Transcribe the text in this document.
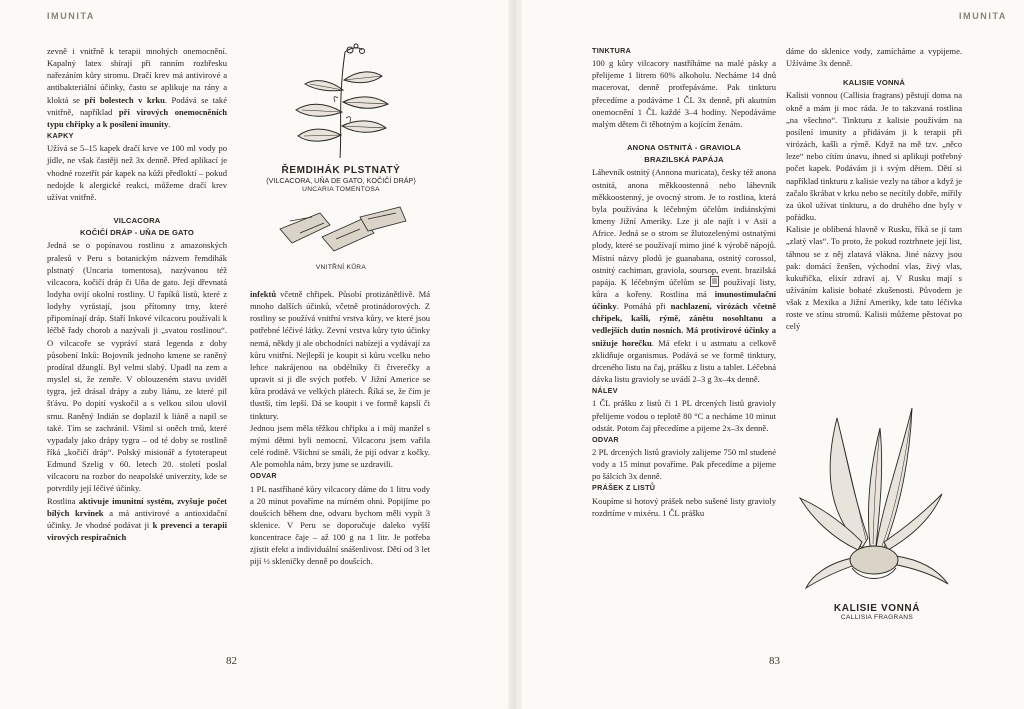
IMUNITA

zevně i vnitřně k terapii mnohých onemocnění. Kapalný latex sbírají při ranním rozbřesku nařezáním kůry stromu. Dračí krev má antivirové a antibakteriální účinky, často se aplikuje na rány a kloktá se při bolestech v krku. Podává se také vnitřně, například při virových onemocněních typu chřipky a k posílení imunity.

KAPKY

Užívá se 5–15 kapek dračí krve ve 100 ml vody po jídle, ne však častěji než 3x denně. Před aplikací je vhodné rozetřít pár kapek na kůži předloktí – pokud nedojde k alergické reakci, můžeme dračí krev užívat vnitřně.

VILCACORA

KOČIČÍ DRÁP - UŇA DE GATO

Jedná se o popínavou rostlinu z amazonských pralesů v Peru s botanickým názvem řemdihák plstnatý (Uncaria tomentosa), nazývanou též vilcacora, kočičí dráp či Uňa de gato. Její dřevnatá lodyha ovijí okolní rostliny. U řapíků listů, které z lodyhy vyrůstají, jsou přítomny trny, které připomínají dráp. Staří Inkové vilcacoru používali k léčbě řady chorob a nazývali ji „svatou rostlinou“. O vilcacoře se vypráví stará legenda z doby působení Inků: Bojovník jednoho kmene se raněný prodíral džunglí. Byl velmi slabý. Upadl na zem a myslel si, že zemře. V oblouzeném stavu uviděl tygra, jež drásal drápy a zuby liánu, ze které pil šťávu. Po dopití vyskočil a s velkou silou uloviI srnu. Raněný Indián se doplazil k liáně a napil se také. Tím se zachránil. Všiml si oněch trnů, které vypadaly jako drápy tygra – od té doby se rostlině říká „kočičí dráp“. Polský misionář a fytoterapeut Edmund Szelig v 60. letech 20. století poslal vilcacoru na rozbor do neapolské univerzity, kde se potvrdily její léčivé účinky.

Rostlina aktivuje imunitní systém, zvyšuje počet bílých krvinek a má antivirové a antioxidační účinky. Je vhodné podávat ji k prevenci a terapii virových respiračních

ŘEMDIHÁK PLSTNATÝ

(VILCACORA, UŇA DE GATO, KOČIČÍ DRÁP)

UNCARIA TOMENTOSA

VNITŘNÍ KŮRA

infektů včetně chřipek. Působí protizánětlivě. Má mnoho dalších účinků, včetně protinádorových. Z rostliny se používá vnitřní vrstva kůry, ve které jsou potřebné léčivé látky. Zevní vrstva kůry tyto účinky nemá, někdy ji ale obchodníci nabízejí a vydávají za kůru vnitřní. Nejlepší je koupit si kůru vcelku nebo lehce nakrájenou na obdélníky či čtverečky a upravit si ji dle svých potřeb. V Jižní Americe se kůra prodává ve velkých plátech. Říká se, že čím je tlustší, tím lepší. Dá se koupit i ve formě kapslí či tinktury.

Jednou jsem měla těžkou chřipku a i můj manžel s mými dětmi byli nemocní. Vilcacoru jsem vařila celé rodině. Všichni se smáli, že pijí odvar z kočky. Ale pomohla nám, brzy jsme se uzdravili.

ODVAR

1 PL nastříhané kůry vilcacory dáme do 1 litru vody a 20 minut povaříme na mírném ohni. Popijíme po doušcích během dne, odvaru bychom měli vypít 3 sklenice. V Peru se doporučuje daleko vyšší koncentrace čaje – až 100 g na 1 litr. Je potřeba zjistit efekt a individuální snášenlivost. Dětí od 3 let pijí ½ skleničky denně po doušcích.

82
IMUNITA

TINKTURA

100 g kůry vilcacory nastříháme na malé pásky a přelijeme 1 litrem 60% alkoholu. Necháme 14 dnů macerovat, denně protřepáváme. Pak tinkturu přecedíme a podáváme 1 ČL 3x denně, při akutním onemocnění 1 ČL každé 3–4 hodiny. Nepodáváme malým dětem či těhotným a kojícím ženám.

ANONA OSTNITÁ - GRAVIOLA

BRAZILSKÁ PAPÁJA

Láhevník ostnitý (Annona muricata), česky též anona ostnitá, anona měkkoostenná nebo láhevník měkkoostenný, je ovocný strom. Je to rostlina, která byla používána k léčebným účelům indiánskými kmeny Jižní Ameriky. Lze ji ale najít i v Asii a Africe. Jedná se o strom se žlutozelenými ostnatými plody, které se používají mimo jiné k výrobě nápojů. Místní názvy plodů je guanabana, ostnitý corossol, ostnitý cachiman, graviola, soursop, event. brazilská papája. K léčebným účelům se používají listy, kůra a kořeny. Rostlina má imunostimulační účinky. Pomáhá při nachlazení, virózách včetně chřipek, kašli, rýmě, zánětu nosohltanu a vedlejších dutin nosních. Má protivirové účinky a snižuje horečku. Má efekt i u astmatu a celkově zklidňuje organismus. Podává se ve formě tinktury, drceného listu na čaj, prášku z listu a tablet. Léčebná dávka listu gravioly se uvádí 2–3 g 3x–4x denně.

NÁLEV

1 ČL prášku z listů či 1 PL drcených listů gravioly přelijeme vodou o teplotě 80 °C a necháme 10 minut odstát. Potom čaj přecedíme a pijeme 2x–3x denně.

ODVAR

2 PL drcených listů gravioly zalijeme 750 ml studené vody a 15 minut povaříme. Pak přecedíme a pijeme po šálcích 3x denně.

PRÁŠEK Z LISTŮ

Koupíme si hotový prášek nebo sušené listy gravioly rozdrtíme v mixéru. 1 ČL prášku

dáme do sklenice vody, zamícháme a vypijeme. Užíváme 3x denně.

KALISIE VONNÁ

Kalisii vonnou (Callisia fragrans) pěstují doma na okně a mám ji moc ráda. Je to takzvaná rostlina „na všechno“. Tinkturu z kalisie používám na posílení imunity a přidávám ji k terapii při virózách, kašli a rýmě. Když na mě tzv. „něco leze“ nebo cítím únavu, ihned si aplikuji potřebný počet kapek. Podávám ji i svým dětem. Dětí si například tinkturu z kalisie vezly na tábor a když je začalo škrábat v krku nebo se necítily dobře, mířily za úkol užívat tinkturu, a do druhého dne byly v pořádku.

Kalisie je oblíbená hlavně v Rusku, říká se jí tam „zlatý vlas“. To proto, že pokud roztrhnete její list, táhnou se z něj zlatavá vlákna. Jiné názvy jsou pak: domácí ženšen, východní vlas, živý vlas, kukuřička, elixír zdraví aj. V Rusku mají s užíváním kalisie bohaté zkušenosti. Původem je však z Mexika a Jižní Ameriky, kde tato léčivka roste ve stínu stromů. Kalisii můžeme pěstovat po celý

KALISIE VONNÁ

CALLISIA FRAGRANS

83
